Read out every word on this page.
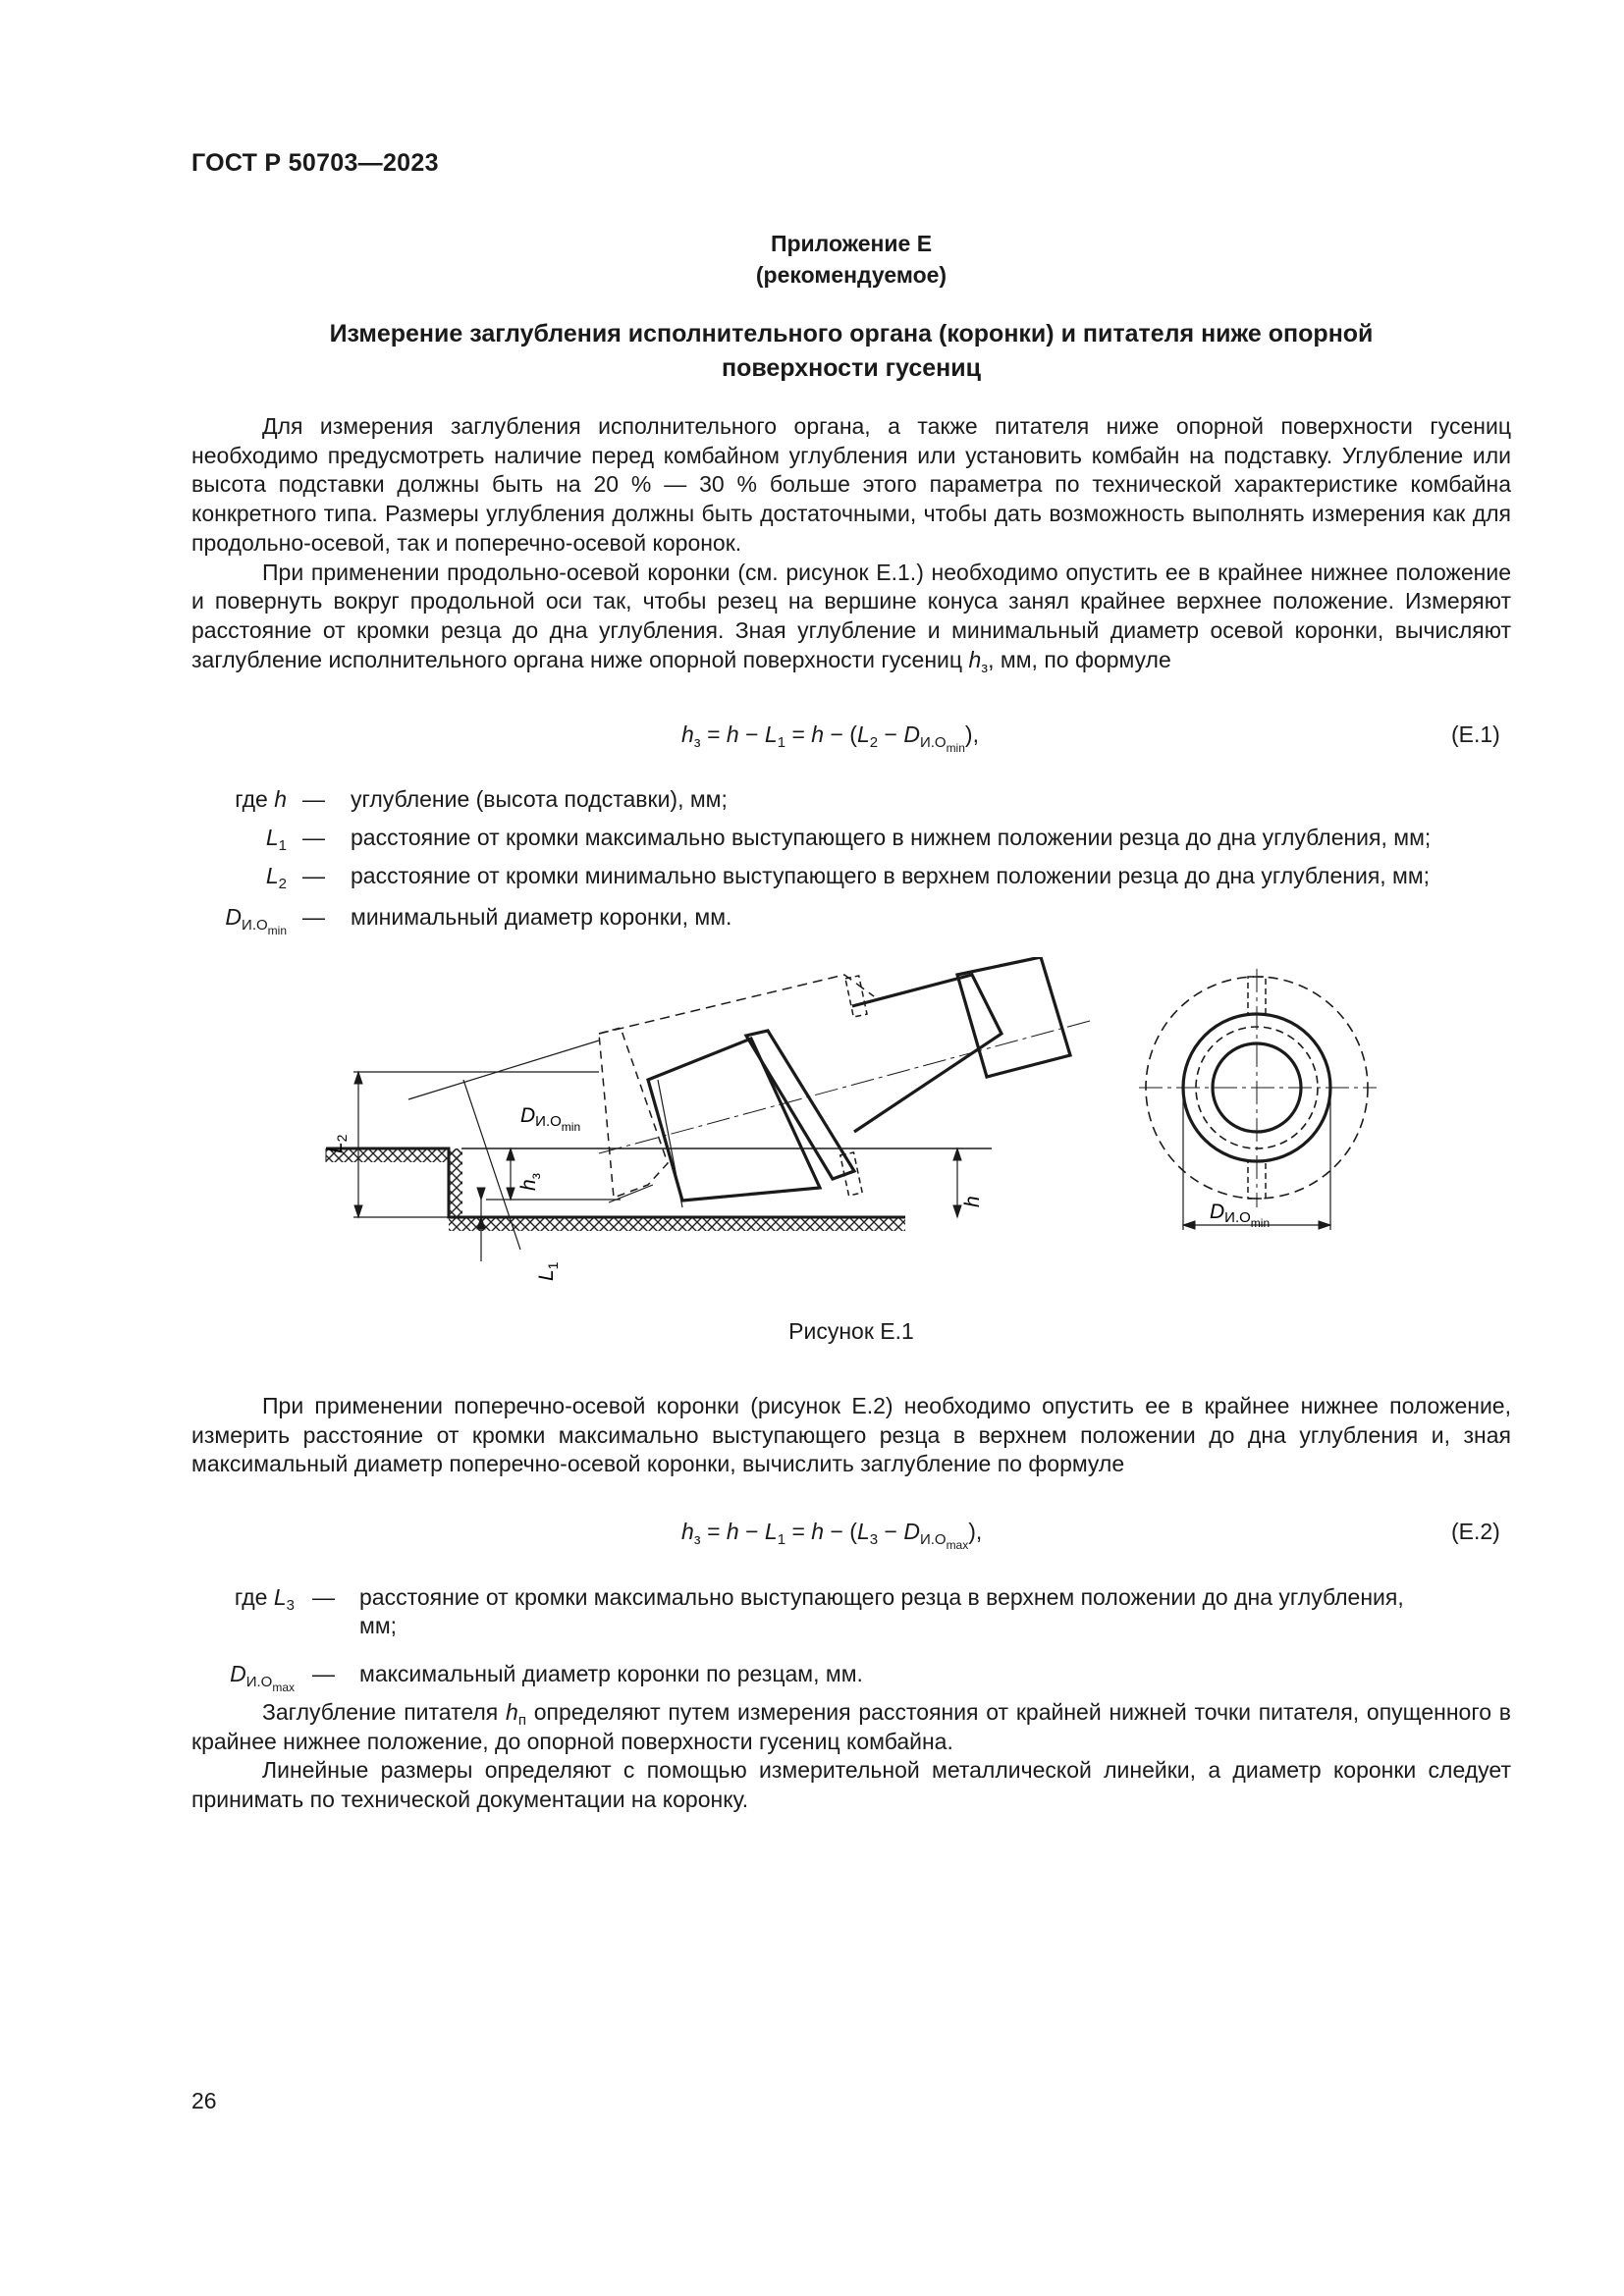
ГОСТ Р 50703—2023
Приложение Е
(рекомендуемое)
Измерение заглубления исполнительного органа (коронки) и питателя ниже опорной
поверхности гусениц

Для измерения заглубления исполнительного органа, а также питателя ниже опорной поверхности гусениц необходимо предусмотреть наличие перед комбайном углубления или установить комбайн на подставку. Углубление или высота подставки должны быть на 20 % — 30 % больше этого параметра по технической характеристике комбайна конкретного типа. Размеры углубления должны быть достаточными, чтобы дать возможность выполнять измерения как для продольно-осевой, так и поперечно-осевой коронок.

При применении продольно-осевой коронки (см. рисунок Е.1.) необходимо опустить ее в крайнее нижнее положение и повернуть вокруг продольной оси так, чтобы резец на вершине конуса занял крайнее верхнее положение. Измеряют расстояние от кромки резца до дна углубления. Зная углубление и минимальный диаметр осевой коронки, вычисляют заглубление исполнительного органа ниже опорной поверхности гусениц $h_з$, мм, по формуле

$h_з = h - L_1 = h - (L_2 - D_{И.О_{min}})$,	(Е.1)
где h — углубление (высота подставки), мм;
$L_1$ — расстояние от кромки максимально выступающего в нижнем положении резца до дна углубления, мм;
$L_2$ — расстояние от кромки минимально выступающего в верхнем положении резца до дна углубления, мм;
$D_{И.О_{min}}$
— минимальный диаметр коронки, мм.
$L_2$
$h_з$
$L_1$
h
$DИ.О_{min}$
$DИ.О_{min}$
Рисунок Е.1

При применении поперечно-осевой коронки (рисунок Е.2) необходимо опустить ее в крайнее нижнее положение, измерить расстояние от кромки максимально выступающего резца в верхнем положении до дна углубления и, зная максимальный диаметр поперечно-осевой коронки, вычислить заглубление по формуле

$h_з = h - L_1 = h - (L_3 - D_{И.О_{max}})$,	(Е.2)
где $L_3$ — расстояние от кромки максимально выступающего резца в верхнем положении до дна углубления,
мм;
$D_{И.О_{max}}$
— максимальный диаметр коронки по резцам, мм.

Заглубление питателя $h_п$ определяют путем измерения расстояния от крайней нижней точки питателя, опущенного в крайнее нижнее положение, до опорной поверхности гусениц комбайна.

Линейные размеры определяют с помощью измерительной металлической линейки, а диаметр коронки следует принимать по технической документации на коронку.

26
